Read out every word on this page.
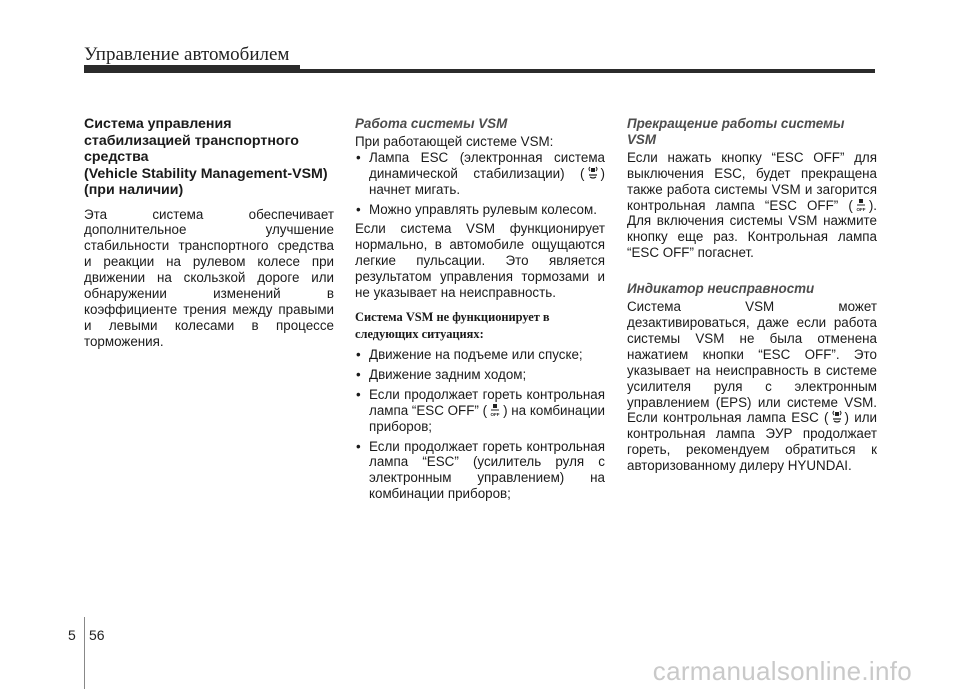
Управление автомобилем
Система управления
стабилизацией транспортного
средства
(Vehicle Stability Management-VSM)
(при наличии)

Эта система обеспечивает дополнительное улучшение стабильности транспортного средства и реакции на рулевом колесе при движении на скользкой дороге или обнаружении изменений в коэффициенте трения между правыми и левыми колесами в процессе торможения.

Работа системы VSM

При работающей системе VSM:

• Лампа ESC (электронная система динамической стабилизации) ( ) начнет мигать.
• Можно управлять рулевым колесом.

Если система VSM функционирует нормально, в автомобиле ощущаются легкие пульсации. Это является результатом управления тормозами и не указывает на неисправность.

Система VSM не функционирует в следующих ситуациях:
• Движение на подъеме или спуске;
• Движение задним ходом;
• Если продолжает гореть контрольная лампа “ESC OFF” ( OFF ) на комбинации приборов;
• Если продолжает гореть контрольная лампа “ESC” (усилитель руля с электронным управлением) на комбинации приборов;
Прекращение работы системы VSM

Если нажать кнопку “ESC OFF” для выключения ESC, будет прекращена также работа системы VSM и загорится контрольная лампа “ESC OFF” ( OFF ). Для включения системы VSM нажмите кнопку еще раз. Контрольная лампа “ESC OFF” погаснет.

Индикатор неисправности

Система VSM может дезактивироваться, даже если работа системы VSM не была отменена нажатием кнопки “ESC OFF”. Это указывает на неисправность в системе усилителя руля с электронным управлением (EPS) или системе VSM. Если контрольная лампа ESC ( ) или контрольная лампа ЭУР продолжает гореть, рекомендуем обратиться к авторизованному дилеру HYUNDAI.

5 56
carmanualsonline.info
